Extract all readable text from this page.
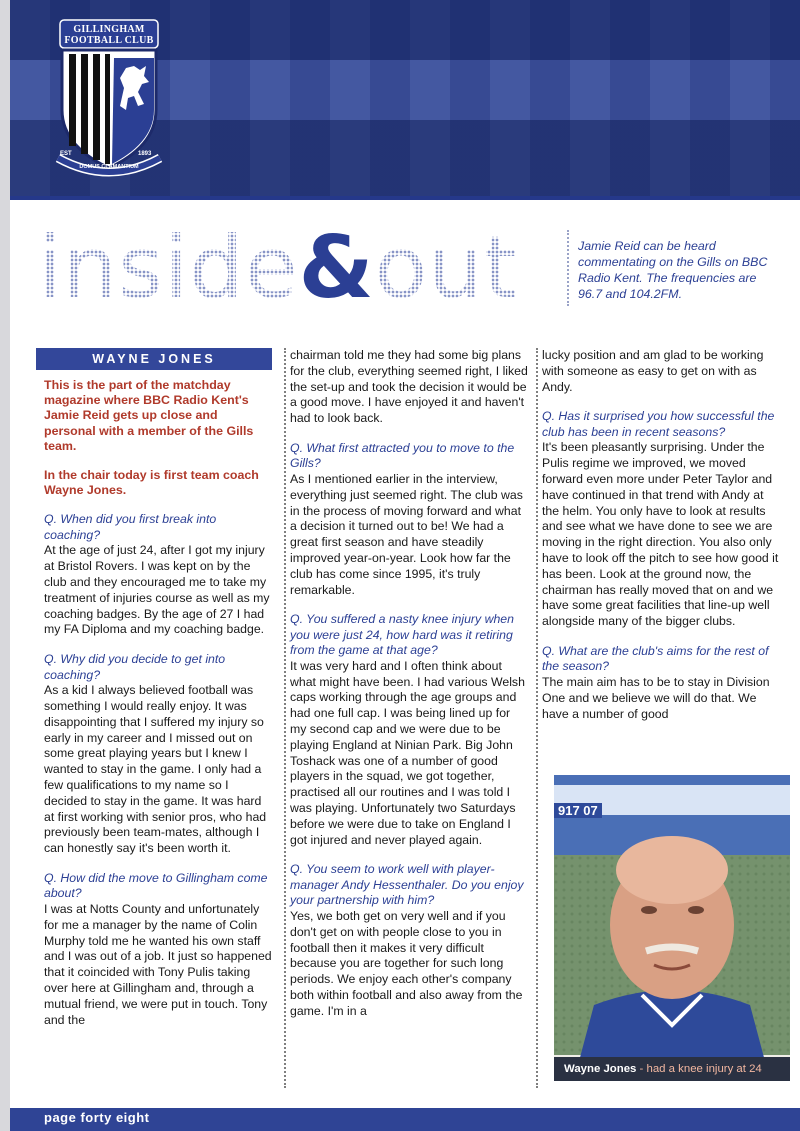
GILLINGHAM
FOOTBALL CLUB
EST	1893
DOMUS CLAMANTIUM
inside&out	Jamie Reid can be heard commentating on the Gills on BBC Radio Kent. The frequencies are 96.7 and 104.2FM.
WAYNE JONES

This is the part of the matchday magazine where BBC Radio Kent's Jamie Reid gets up close and personal with a member of the Gills team.

In the chair today is first team coach Wayne Jones.

Q. When did you first break into coaching?

At the age of just 24, after I got my injury at Bristol Rovers. I was kept on by the club and they encouraged me to take my treatment of injuries course as well as my coaching badges. By the age of 27 I had my FA Diploma and my coaching badge.

Q. Why did you decide to get into coaching?

As a kid I always believed football was something I would really enjoy. It was disappointing that I suffered my injury so early in my career and I missed out on some great playing years but I knew I wanted to stay in the game. I only had a few qualifications to my name so I decided to stay in the game. It was hard at first working with senior pros, who had previously been team-mates, although I can honestly say it's been worth it.

Q. How did the move to Gillingham come about?

I was at Notts County and unfortunately for me a manager by the name of Colin Murphy told me he wanted his own staff and I was out of a job. It just so happened that it coincided with Tony Pulis taking over here at Gillingham and, through a mutual friend, we were put in touch. Tony and the

chairman told me they had some big plans for the club, everything seemed right, I liked the set-up and took the decision it would be a good move. I have enjoyed it and haven't had to look back.

Q. What first attracted you to move to the Gills?

As I mentioned earlier in the interview, everything just seemed right. The club was in the process of moving forward and what a decision it turned out to be! We had a great first season and have steadily improved year-on-year. Look how far the club has come since 1995, it's truly remarkable.

Q. You suffered a nasty knee injury when you were just 24, how hard was it retiring from the game at that age?

It was very hard and I often think about what might have been. I had various Welsh caps working through the age groups and had one full cap. I was being lined up for my second cap and we were due to be playing England at Ninian Park. Big John Toshack was one of a number of good players in the squad, we got together, practised all our routines and I was told I was playing. Unfortunately two Saturdays before we were due to take on England I got injured and never played again.

Q. You seem to work well with player-manager Andy Hessenthaler. Do you enjoy your partnership with him?

Yes, we both get on very well and if you don't get on with people close to you in football then it makes it very difficult because you are together for such long periods. We enjoy each other's company both within football and also away from the game. I'm in a

lucky position and am glad to be working with someone as easy to get on with as Andy.

Q. Has it surprised you how successful the club has been in recent seasons?

It's been pleasantly surprising. Under the Pulis regime we improved, we moved forward even more under Peter Taylor and have continued in that trend with Andy at the helm. You only have to look at results and see what we have done to see we are moving in the right direction. You also only have to look off the pitch to see how good it has been. Look at the ground now, the chairman has really moved that on and we have some great facilities that line-up well alongside many of the bigger clubs.

Q. What are the club's aims for the rest of the season?

The main aim has to be to stay in Division One and we believe we will do that. We have a number of good

917 07
Wayne Jones - had a knee injury at 24
page forty eight
